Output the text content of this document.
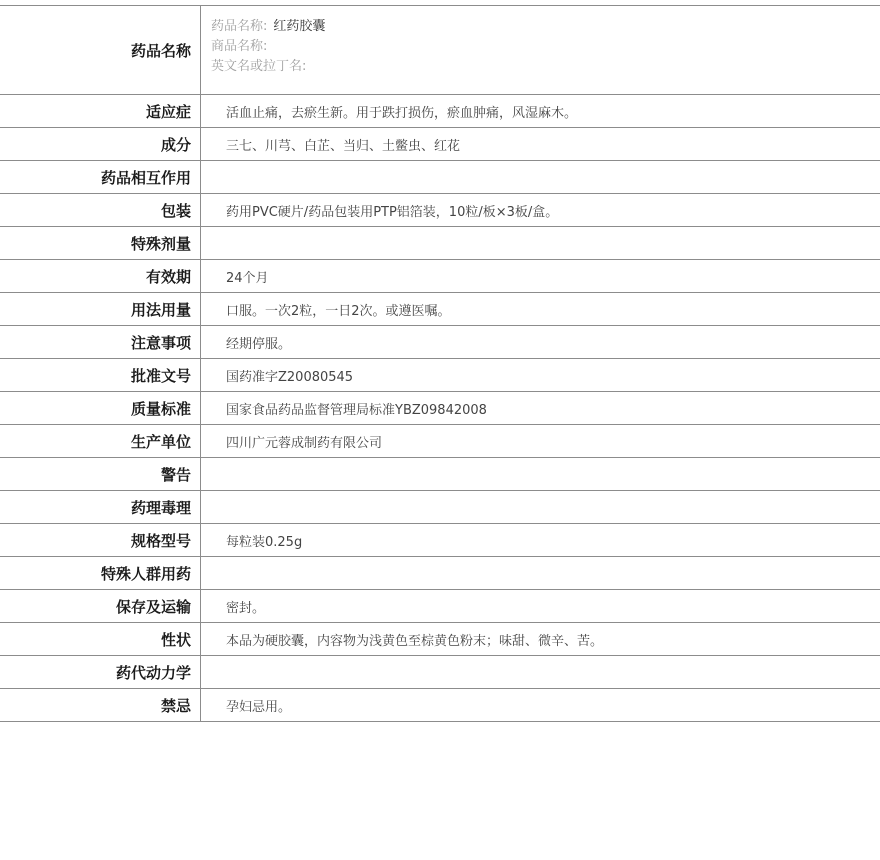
药品名称	药品名称: 红药胶囊
商品名称:
英文名或拉丁名:

适应症	活血止痛，去瘀生新。用于跌打损伤，瘀血肿痛，风湿麻木。
成分	三七、川芎、白芷、当归、土鳖虫、红花
药品相互作用	
包装	药用PVC硬片/药品包装用PTP铝箔装，10粒/板×3板/盒。
特殊剂量	
有效期	24个月
用法用量	口服。一次2粒，一日2次。或遵医嘱。
注意事项	经期停服。
批准文号	国药准字Z20080545
质量标准	国家食品药品监督管理局标准YBZ09842008
生产单位	四川广元蓉成制药有限公司
警告	
药理毒理	
规格型号	每粒装0.25g
特殊人群用药	
保存及运输	密封。
性状	本品为硬胶囊，内容物为浅黄色至棕黄色粉末；味甜、微辛、苦。
药代动力学	
禁忌	孕妇忌用。
